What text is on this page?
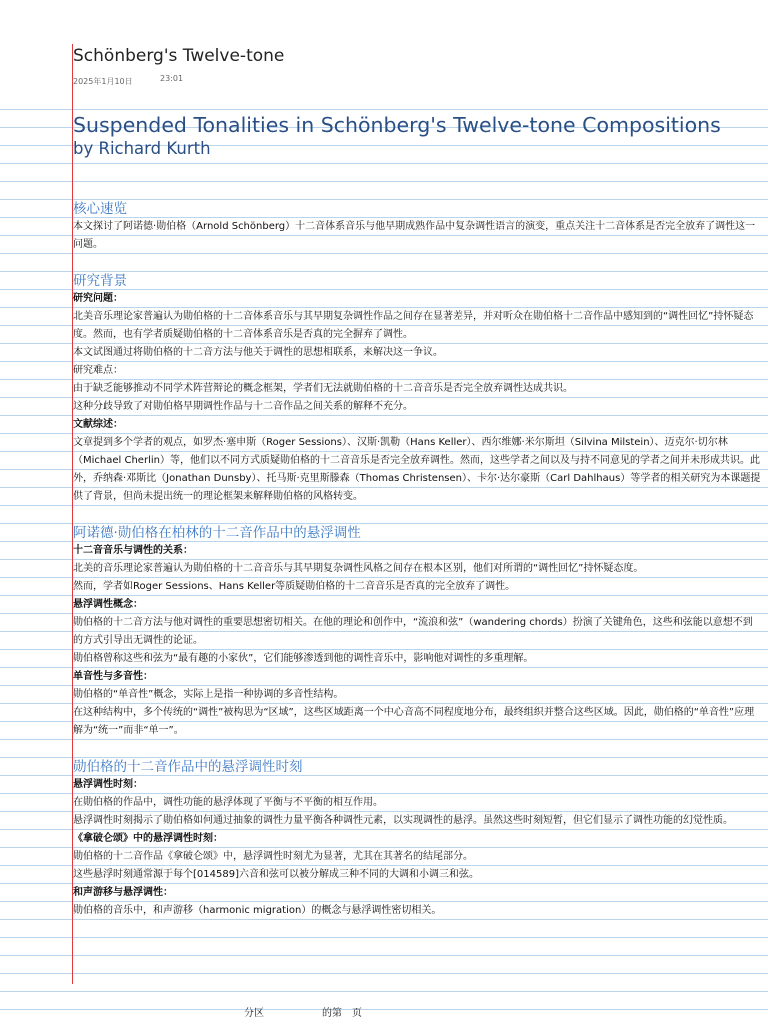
Schönberg's Twelve-tone
2025年1月10日	23:01
Suspended Tonalities in Schönberg's Twelve-tone Compositions
by Richard Kurth
核心速览
本文探讨了阿诺德·勋伯格（Arnold Schönberg）十二音体系音乐与他早期成熟作品中复杂调性语言的演变，重点关注十二音体系是否完全放弃了调性这一问题。
研究背景
研究问题：
北美音乐理论家普遍认为勋伯格的十二音体系音乐与其早期复杂调性作品之间存在显著差异，并对听众在勋伯格十二音作品中感知到的“调性回忆”持怀疑态度。然而，也有学者质疑勋伯格的十二音体系音乐是否真的完全摒弃了调性。
本文试图通过将勋伯格的十二音方法与他关于调性的思想相联系，来解决这一争议。
研究难点：
由于缺乏能够推动不同学术阵营辩论的概念框架，学者们无法就勋伯格的十二音音乐是否完全放弃调性达成共识。
这种分歧导致了对勋伯格早期调性作品与十二音作品之间关系的解释不充分。
文献综述：
文章提到多个学者的观点，如罗杰·塞申斯（Roger Sessions）、汉斯·凯勒（Hans Keller）、西尔维娜·米尔斯坦（Silvina Milstein）、迈克尔·切尔林（Michael Cherlin）等，他们以不同方式质疑勋伯格的十二音音乐是否完全放弃调性。然而，这些学者之间以及与持不同意见的学者之间并未形成共识。此外，乔纳森·邓斯比（Jonathan Dunsby）、托马斯·克里斯滕森（Thomas Christensen）、卡尔·达尔豪斯（Carl Dahlhaus）等学者的相关研究为本课题提供了背景，但尚未提出统一的理论框架来解释勋伯格的风格转变。
阿诺德·勋伯格在柏林的十二音作品中的悬浮调性
十二音音乐与调性的关系：
北美的音乐理论家普遍认为勋伯格的十二音音乐与其早期复杂调性风格之间存在根本区别，他们对所谓的“调性回忆”持怀疑态度。
然而，学者如Roger Sessions、Hans Keller等质疑勋伯格的十二音音乐是否真的完全放弃了调性。
悬浮调性概念：
勋伯格的十二音方法与他对调性的重要思想密切相关。在他的理论和创作中，“流浪和弦”（wandering chords）扮演了关键角色，这些和弦能以意想不到的方式引导出无调性的论证。
勋伯格曾称这些和弦为“最有趣的小家伙”，它们能够渗透到他的调性音乐中，影响他对调性的多重理解。
单音性与多音性：
勋伯格的“单音性”概念，实际上是指一种协调的多音性结构。
在这种结构中，多个传统的“调性”被构思为“区域”，这些区域距离一个中心音高不同程度地分布，最终组织并整合这些区域。因此，勋伯格的“单音性”应理解为“统一”而非“单一”。
勋伯格的十二音作品中的悬浮调性时刻
悬浮调性时刻：
在勋伯格的作品中，调性功能的悬浮体现了平衡与不平衡的相互作用。
悬浮调性时刻揭示了勋伯格如何通过抽象的调性力量平衡各种调性元素，以实现调性的悬浮。虽然这些时刻短暂，但它们显示了调性功能的幻觉性质。
《拿破仑颂》中的悬浮调性时刻：
勋伯格的十二音作品《拿破仑颂》中，悬浮调性时刻尤为显著，尤其在其著名的结尾部分。
这些悬浮时刻通常源于每个[014589]六音和弦可以被分解成三种不同的大调和小调三和弦。
和声游移与悬浮调性：
勋伯格的音乐中，和声游移（harmonic migration）的概念与悬浮调性密切相关。
分区	的第　页
